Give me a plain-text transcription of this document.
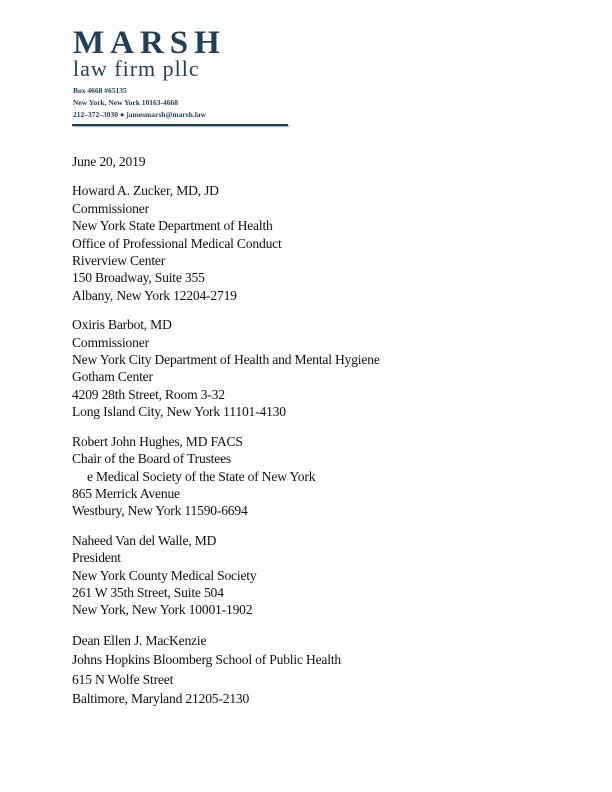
MARSH
law firm pllc
Box 4668 #65135
New York, New York 10163-4668
212–372–3030 ● jamesmarsh@marsh.law
June 20, 2019
Howard A. Zucker, MD, JD
Commissioner
New York State Department of Health
Office of Professional Medical Conduct
Riverview Center
150 Broadway, Suite 355
Albany, New York 12204-2719
Oxiris Barbot, MD
Commissioner
New York City Department of Health and Mental Hygiene
Gotham Center
4209 28th Street, Room 3-32
Long Island City, New York 11101-4130
Robert John Hughes, MD FACS
Chair of the Board of Trustees
e Medical Society of the State of New York
865 Merrick Avenue
Westbury, New York 11590-6694
Naheed Van del Walle, MD
President
New York County Medical Society
261 W 35th Street, Suite 504
New York, New York 10001-1902
Dean Ellen J. MacKenzie
Johns Hopkins Bloomberg School of Public Health
615 N Wolfe Street
Baltimore, Maryland 21205-2130
